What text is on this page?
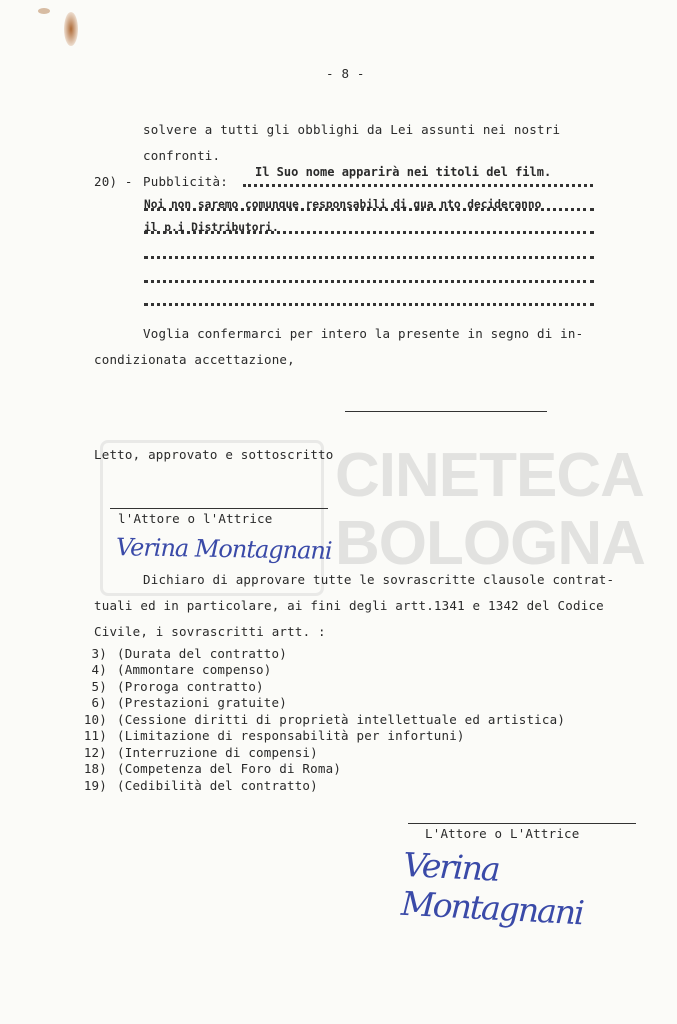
CINETECA
BOLOGNA
- 8 -
solvere a tutti gli obblighi da Lei assunti nei nostri
confronti.
20) - Pubblicità:
Il Suo nome apparirà nei titoli del film.
Noi non saremo comunque responsabili di qua nto decideranno
il p.i Distributori.
Voglia confermarci per intero la presente in segno di in-
condizionata accettazione,
Letto, approvato e sottoscritto
l'Attore o l'Attrice
Verina Montagnani
Dichiaro di approvare tutte le sovrascritte clausole contrat-
tuali ed in particolare, ai fini degli artt.1341 e 1342 del Codice
Civile, i sovrascritti artt. :
3) (Durata del contratto)
4) (Ammontare compenso)
5) (Proroga contratto)
6) (Prestazioni gratuite)
10) (Cessione diritti di proprietà intellettuale ed artistica)
11) (Limitazione di responsabilità per infortuni)
12) (Interruzione di compensi)
18) (Competenza del Foro di Roma)
19) (Cedibilità del contratto)
L'Attore o L'Attrice
Verina Montagnani
